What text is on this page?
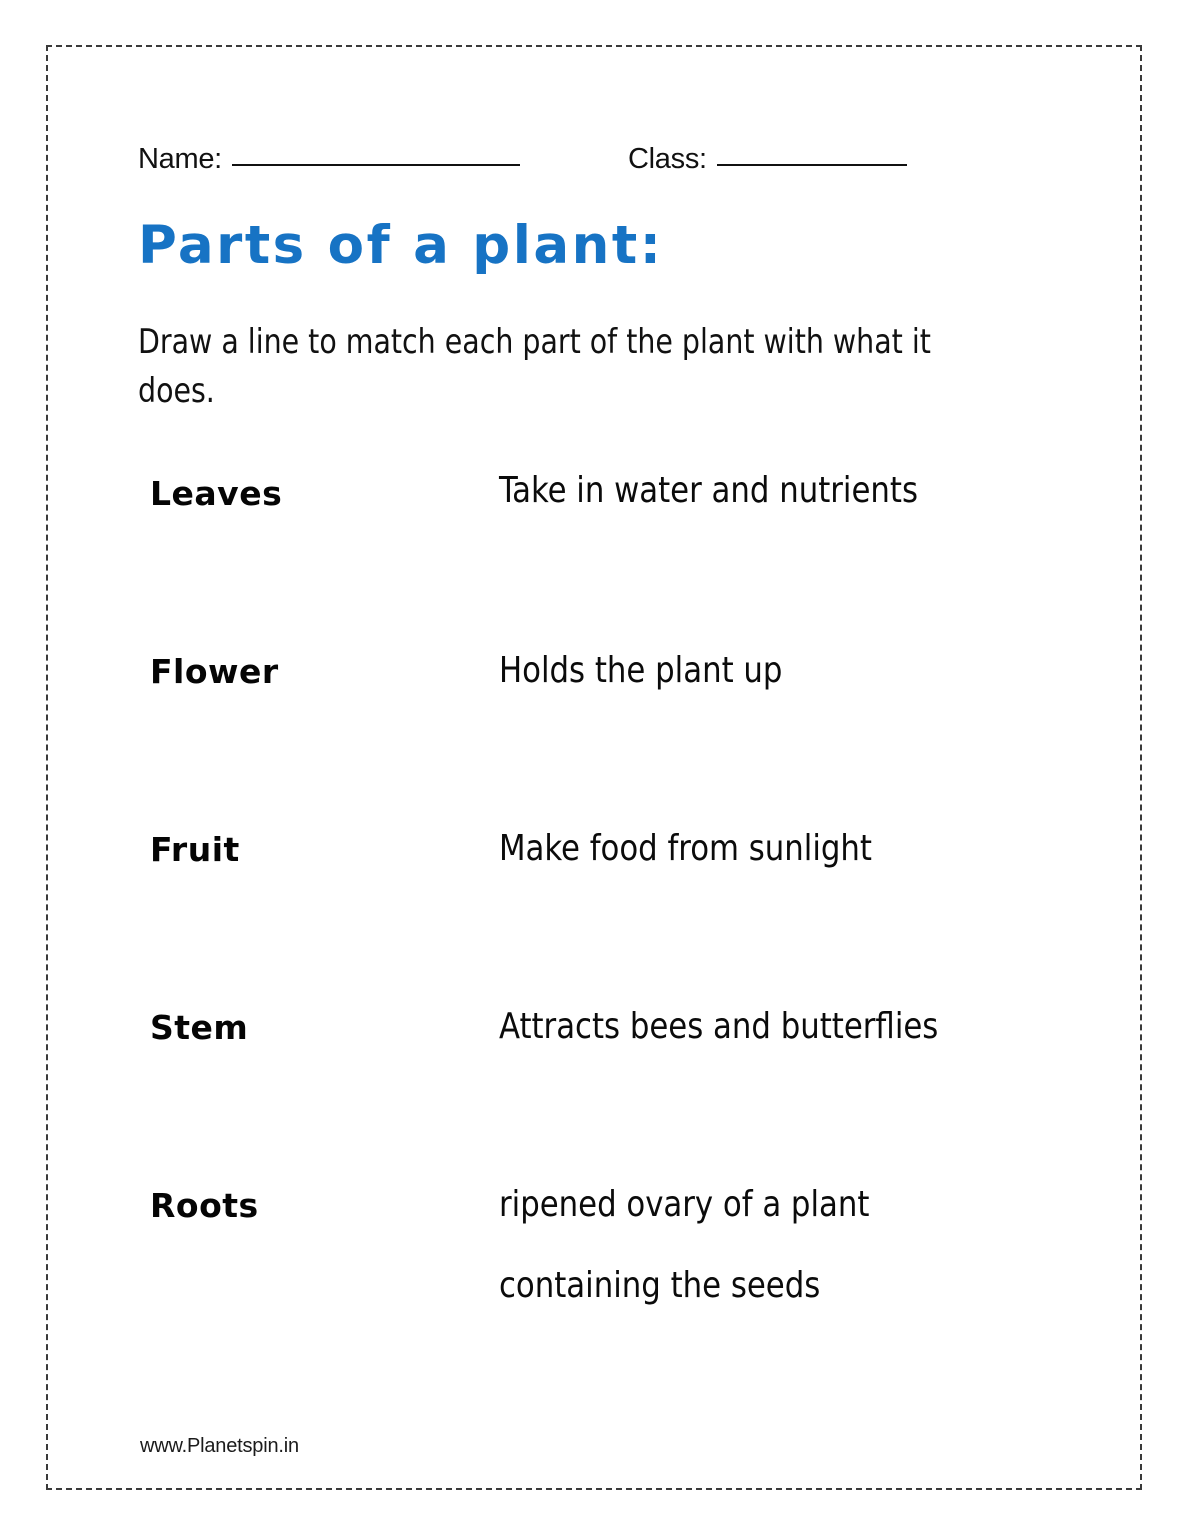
Name:	Class:
Parts of a plant:
Draw a line to match each part of the plant with what it does.
Leaves	Take in water and nutrients
Flower	Holds the plant up
Fruit	Make food from sunlight
Stem	Attracts bees and butterflies
Roots	ripened ovary of a plant
containing the seeds
www.Planetspin.in
